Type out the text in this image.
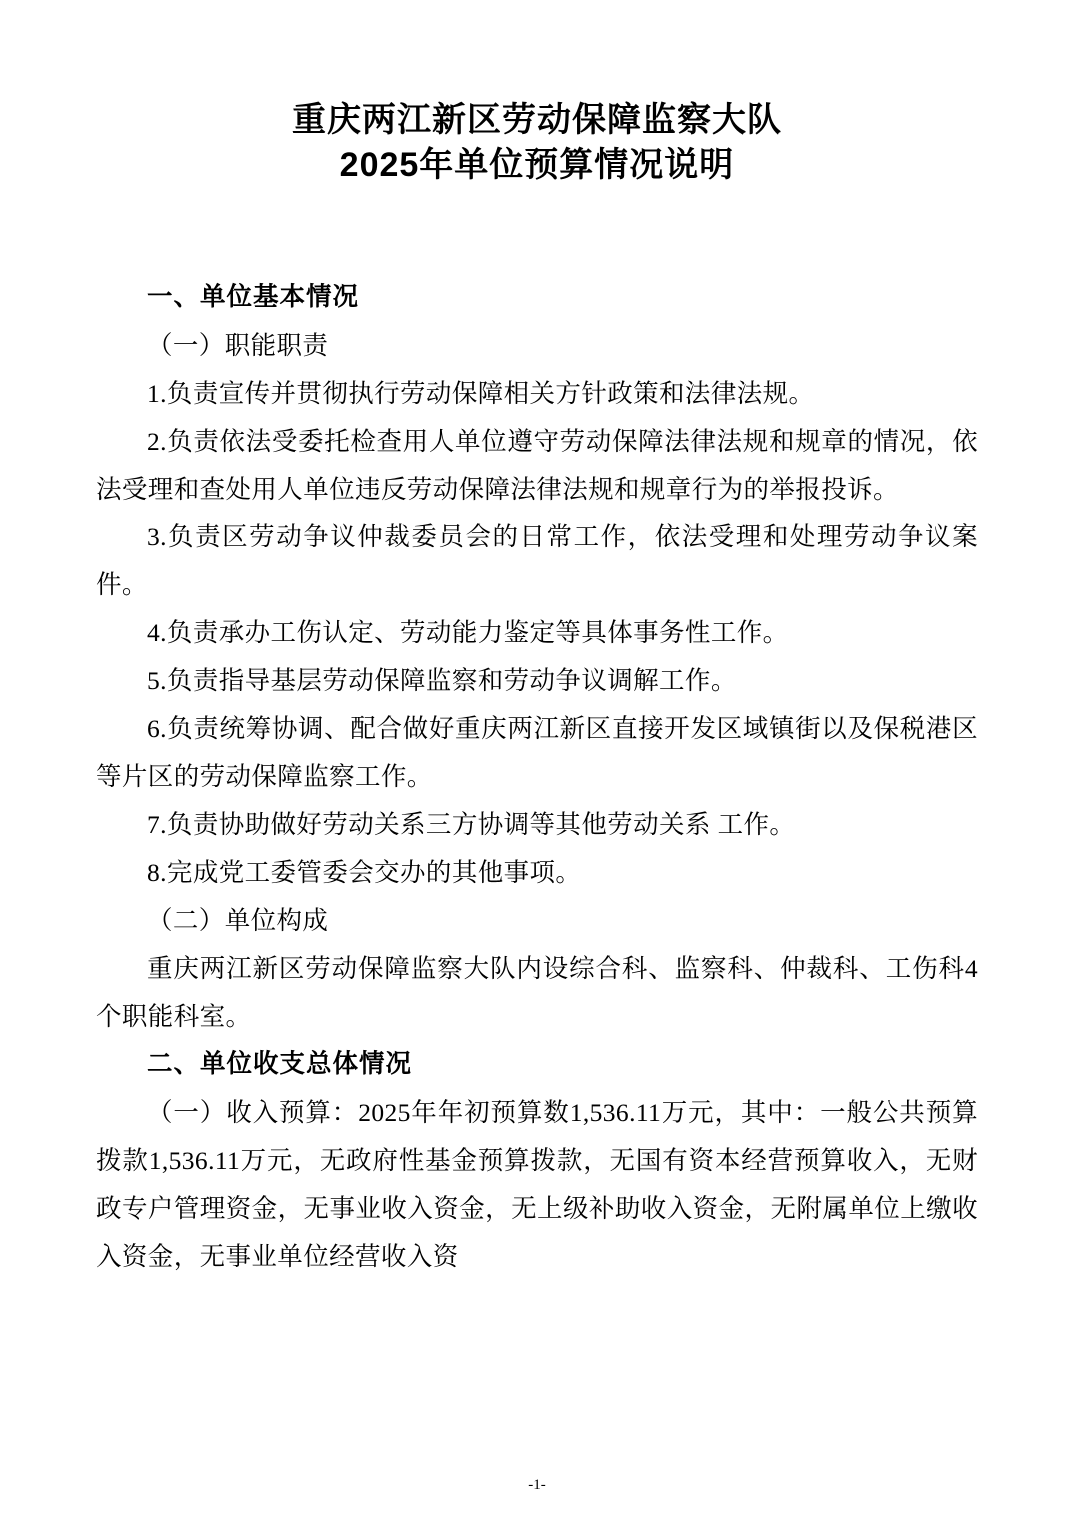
重庆两江新区劳动保障监察大队
2025年单位预算情况说明

一、单位基本情况

（一）职能职责

1.负责宣传并贯彻执行劳动保障相关方针政策和法律法规。

2.负责依法受委托检查用人单位遵守劳动保障法律法规和规章的情况，依法受理和查处用人单位违反劳动保障法律法规和规章行为的举报投诉。

3.负责区劳动争议仲裁委员会的日常工作，依法受理和处理劳动争议案件。

4.负责承办工伤认定、劳动能力鉴定等具体事务性工作。

5.负责指导基层劳动保障监察和劳动争议调解工作。

6.负责统筹协调、配合做好重庆两江新区直接开发区域镇街以及保税港区等片区的劳动保障监察工作。

7.负责协助做好劳动关系三方协调等其他劳动关系 工作。

8.完成党工委管委会交办的其他事项。

（二）单位构成

重庆两江新区劳动保障监察大队内设综合科、监察科、仲裁科、工伤科4个职能科室。

二、单位收支总体情况

（一）收入预算：2025年年初预算数1,536.11万元，其中：一般公共预算拨款1,536.11万元，无政府性基金预算拨款，无国有资本经营预算收入，无财政专户管理资金，无事业收入资金，无上级补助收入资金，无附属单位上缴收入资金，无事业单位经营收入资

-1-
